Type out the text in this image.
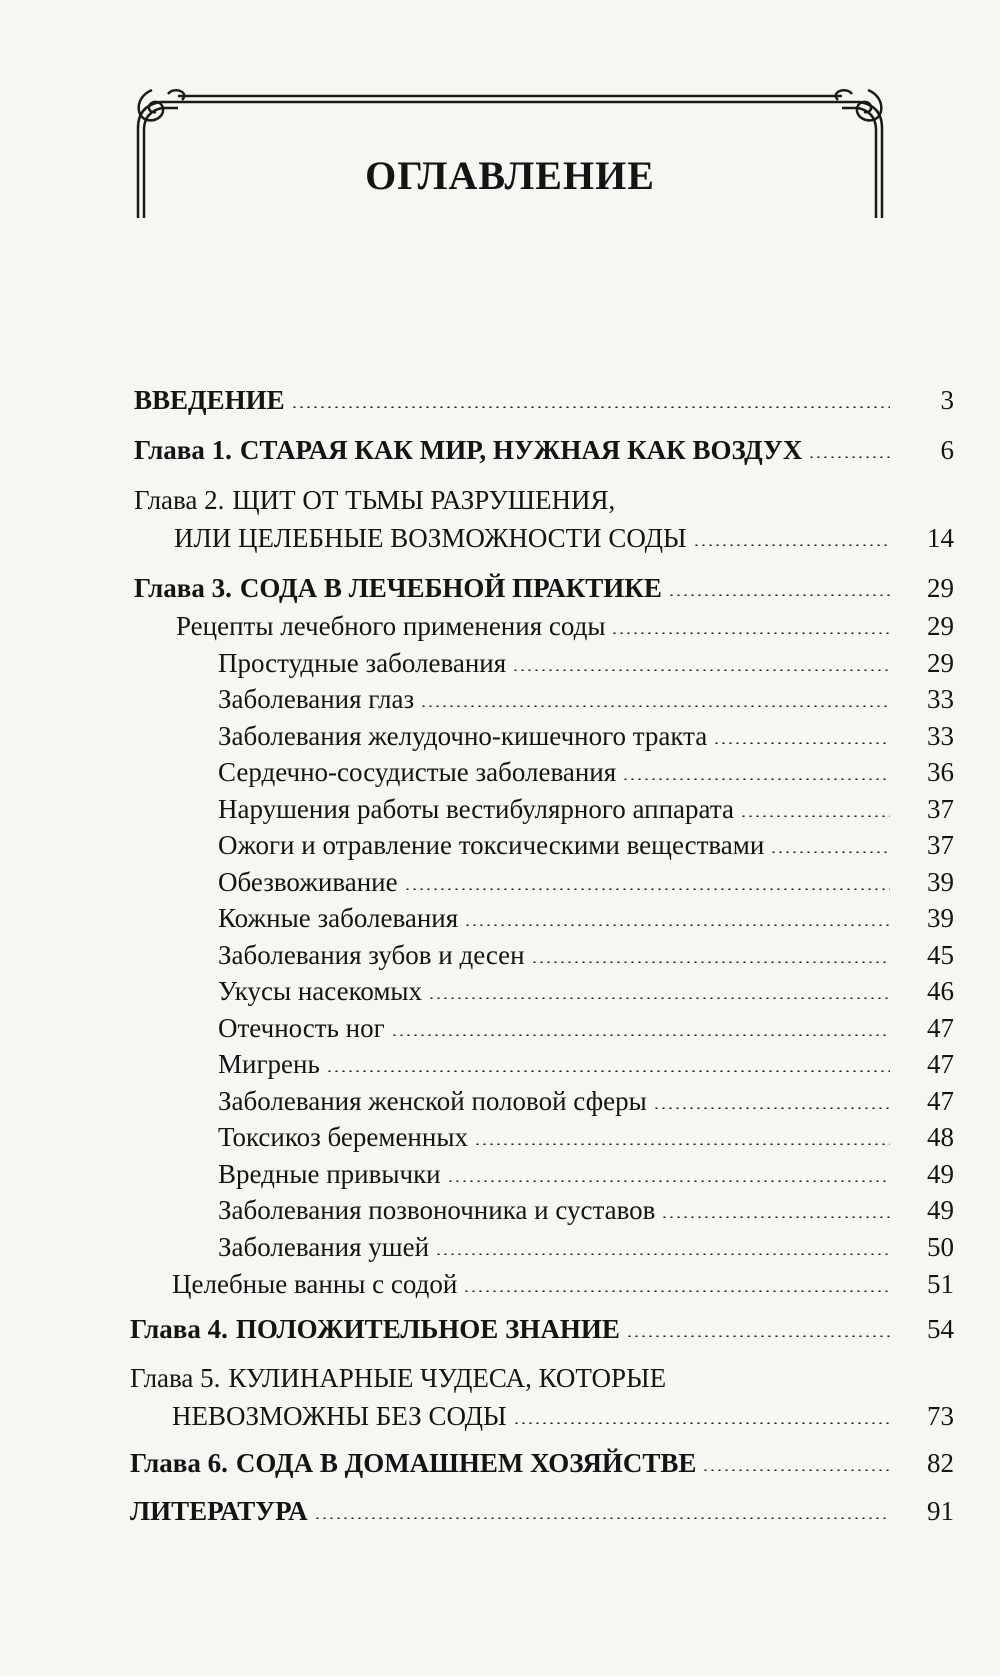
ОГЛАВЛЕНИЕ
ВВЕДЕНИЕ	3
Глава 1. СТАРАЯ КАК МИР, НУЖНАЯ КАК ВОЗДУХ	6
Глава 2. ЩИТ ОТ ТЬМЫ РАЗРУШЕНИЯ,
ИЛИ ЦЕЛЕБНЫЕ ВОЗМОЖНОСТИ СОДЫ	14
Глава 3. СОДА В ЛЕЧЕБНОЙ ПРАКТИКЕ	29
Рецепты лечебного применения соды	29
Простудные заболевания	29
Заболевания глаз	33
Заболевания желудочно-кишечного тракта	33
Сердечно-сосудистые заболевания	36
Нарушения работы вестибулярного аппарата	37
Ожоги и отравление токсическими веществами	37
Обезвоживание	39
Кожные заболевания	39
Заболевания зубов и десен	45
Укусы насекомых	46
Отечность ног	47
Мигрень	47
Заболевания женской половой сферы	47
Токсикоз беременных	48
Вредные привычки	49
Заболевания позвоночника и суставов	49
Заболевания ушей	50
Целебные ванны с содой	51
Глава 4. ПОЛОЖИТЕЛЬНОЕ ЗНАНИЕ	54
Глава 5. КУЛИНАРНЫЕ ЧУДЕСА, КОТОРЫЕ
НЕВОЗМОЖНЫ БЕЗ СОДЫ	73
Глава 6. СОДА В ДОМАШНЕМ ХОЗЯЙСТВЕ	82
ЛИТЕРАТУРА	91
